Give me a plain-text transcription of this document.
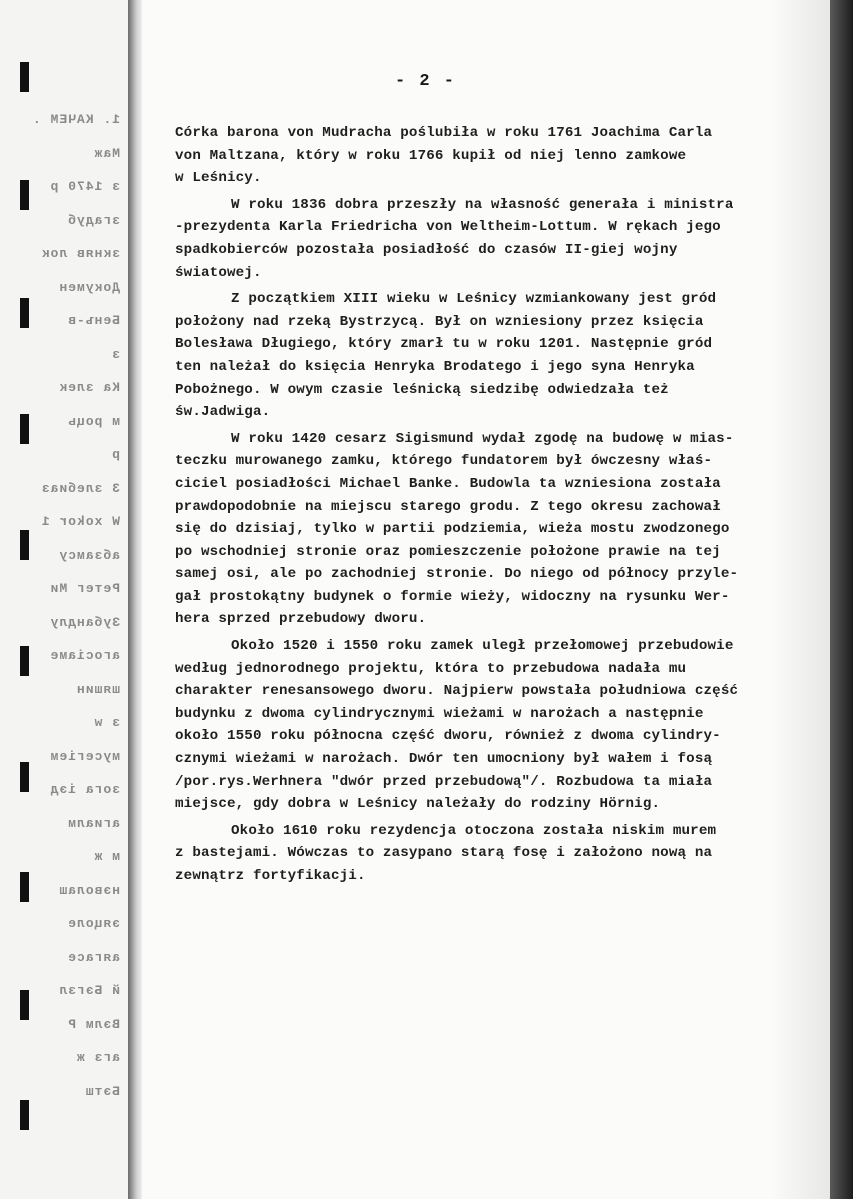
1. КАЧЕМ .
Маж
з 1470 р
згадуб
зкняв лок
Докумен
Бенъ-в
з
Ка злек
м роць
р
3 злебиаз
W xokor 1
абзамсу
Ретег Ми
Зубандлу
агосіаме
шяшин
з w
мусегіем
зога іэд
агиалм
м ж
нэволаш
эяцоле
аягасе
й Бэгзл
Вэлм Р
агз ж
Бэтш
- 2 -
Córka barona von Mudracha poślubiła w roku 1761 Joachima Carla
von Maltzana, który w roku 1766 kupił od niej lenno zamkowe
w Leśnicy.
W roku 1836 dobra przeszły na własność generała i ministra
-prezydenta Karla Friedricha von Weltheim-Lottum. W rękach jego
spadkobierców pozostała posiadłość do czasów II-giej wojny
światowej.
Z początkiem XIII wieku w Leśnicy wzmiankowany jest gród
położony nad rzeką Bystrzycą. Był on wzniesiony przez księcia
Bolesława Długiego, który zmarł tu w roku 1201. Następnie gród
ten należał do księcia Henryka Brodatego i jego syna Henryka
Pobożnego. W owym czasie leśnicką siedzibę odwiedzała też
św.Jadwiga.
W roku 1420 cesarz Sigismund wydał zgodę na budowę w mias-
teczku murowanego zamku, którego fundatorem był ówczesny właś-
ciciel posiadłości Michael Banke. Budowla ta wzniesiona została
prawdopodobnie na miejscu starego grodu. Z tego okresu zachował
się do dzisiaj, tylko w partii podziemia, wieża mostu zwodzonego
po wschodniej stronie oraz pomieszczenie położone prawie na tej
samej osi, ale po zachodniej stronie. Do niego od północy przyle-
gał prostokątny budynek o formie wieży, widoczny na rysunku Wer-
hera sprzed przebudowy dworu.
Około 1520 i 1550 roku zamek uległ przełomowej przebudowie
według jednorodnego projektu, która to przebudowa nadała mu
charakter renesansowego dworu. Najpierw powstała południowa część
budynku z dwoma cylindrycznymi wieżami w narożach a następnie
około 1550 roku północna część dworu, również z dwoma cylindry-
cznymi wieżami w narożach. Dwór ten umocniony był wałem i fosą
/por.rys.Werhnera "dwór przed przebudową"/. Rozbudowa ta miała
miejsce, gdy dobra w Leśnicy należały do rodziny Hörnig.
Około 1610 roku rezydencja otoczona została niskim murem
z bastejami. Wówczas to zasypano starą fosę i założono nową na
zewnątrz fortyfikacji.
